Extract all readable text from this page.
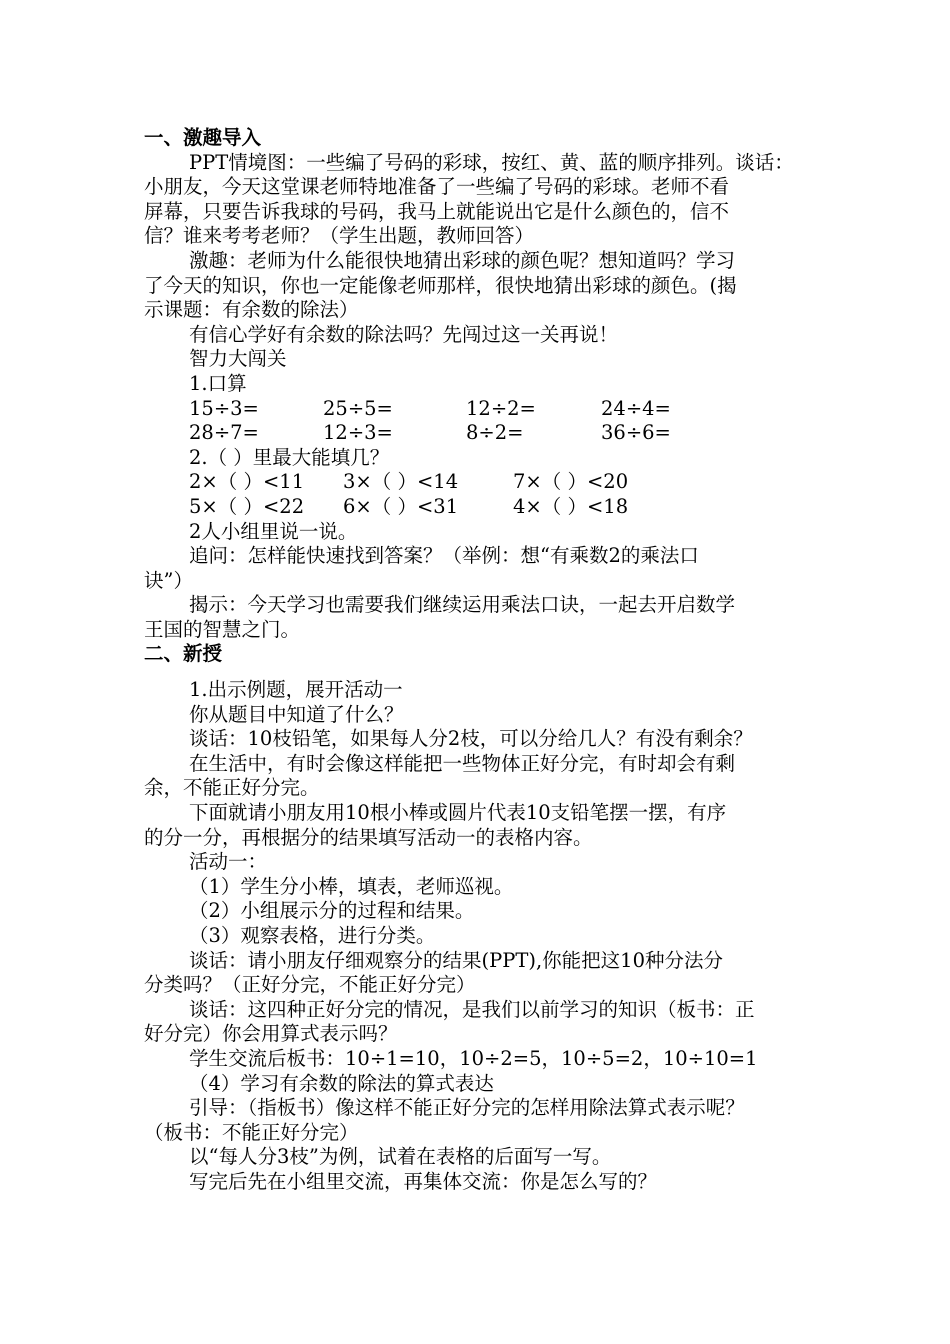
一、激趣导入
PPT情境图：一些编了号码的彩球，按红、黄、蓝的顺序排列。谈话：
小朋友，今天这堂课老师特地准备了一些编了号码的彩球。老师不看
屏幕，只要告诉我球的号码，我马上就能说出它是什么颜色的，信不
信？谁来考考老师？（学生出题，教师回答）
激趣：老师为什么能很快地猜出彩球的颜色呢？想知道吗？学习
了今天的知识，你也一定能像老师那样，很快地猜出彩球的颜色。(揭
示课题：有余数的除法）
有信心学好有余数的除法吗？先闯过这一关再说！
智力大闯关
1.口算
15÷3=	25÷5=	12÷2=	24÷4=
28÷7=	12÷3=	8÷2=	36÷6=
2.（ ）里最大能填几？
2×（ ）<11	3×（ ）<14	7×（ ）<20
5×（ ）<22	6×（ ）<31	4×（ ）<18
2人小组里说一说。
追问：怎样能快速找到答案？（举例：想“有乘数2的乘法口
诀”）
揭示：今天学习也需要我们继续运用乘法口诀，一起去开启数学
王国的智慧之门。
二、新授
1.出示例题，展开活动一
你从题目中知道了什么？
谈话：10枝铅笔，如果每人分2枝，可以分给几人？有没有剩余？
在生活中，有时会像这样能把一些物体正好分完，有时却会有剩
余，不能正好分完。
下面就请小朋友用10根小棒或圆片代表10支铅笔摆一摆，有序
的分一分，再根据分的结果填写活动一的表格内容。
活动一：
（1）学生分小棒，填表，老师巡视。
（2）小组展示分的过程和结果。
（3）观察表格，进行分类。
谈话：请小朋友仔细观察分的结果(PPT),你能把这10种分法分
分类吗？（正好分完，不能正好分完）
谈话：这四种正好分完的情况，是我们以前学习的知识（板书：正
好分完）你会用算式表示吗？
学生交流后板书：10÷1=10，10÷2=5，10÷5=2，10÷10=1
（4）学习有余数的除法的算式表达
引导：（指板书）像这样不能正好分完的怎样用除法算式表示呢？
（板书：不能正好分完）
以“每人分3枝”为例，试着在表格的后面写一写。
写完后先在小组里交流，再集体交流：你是怎么写的？
